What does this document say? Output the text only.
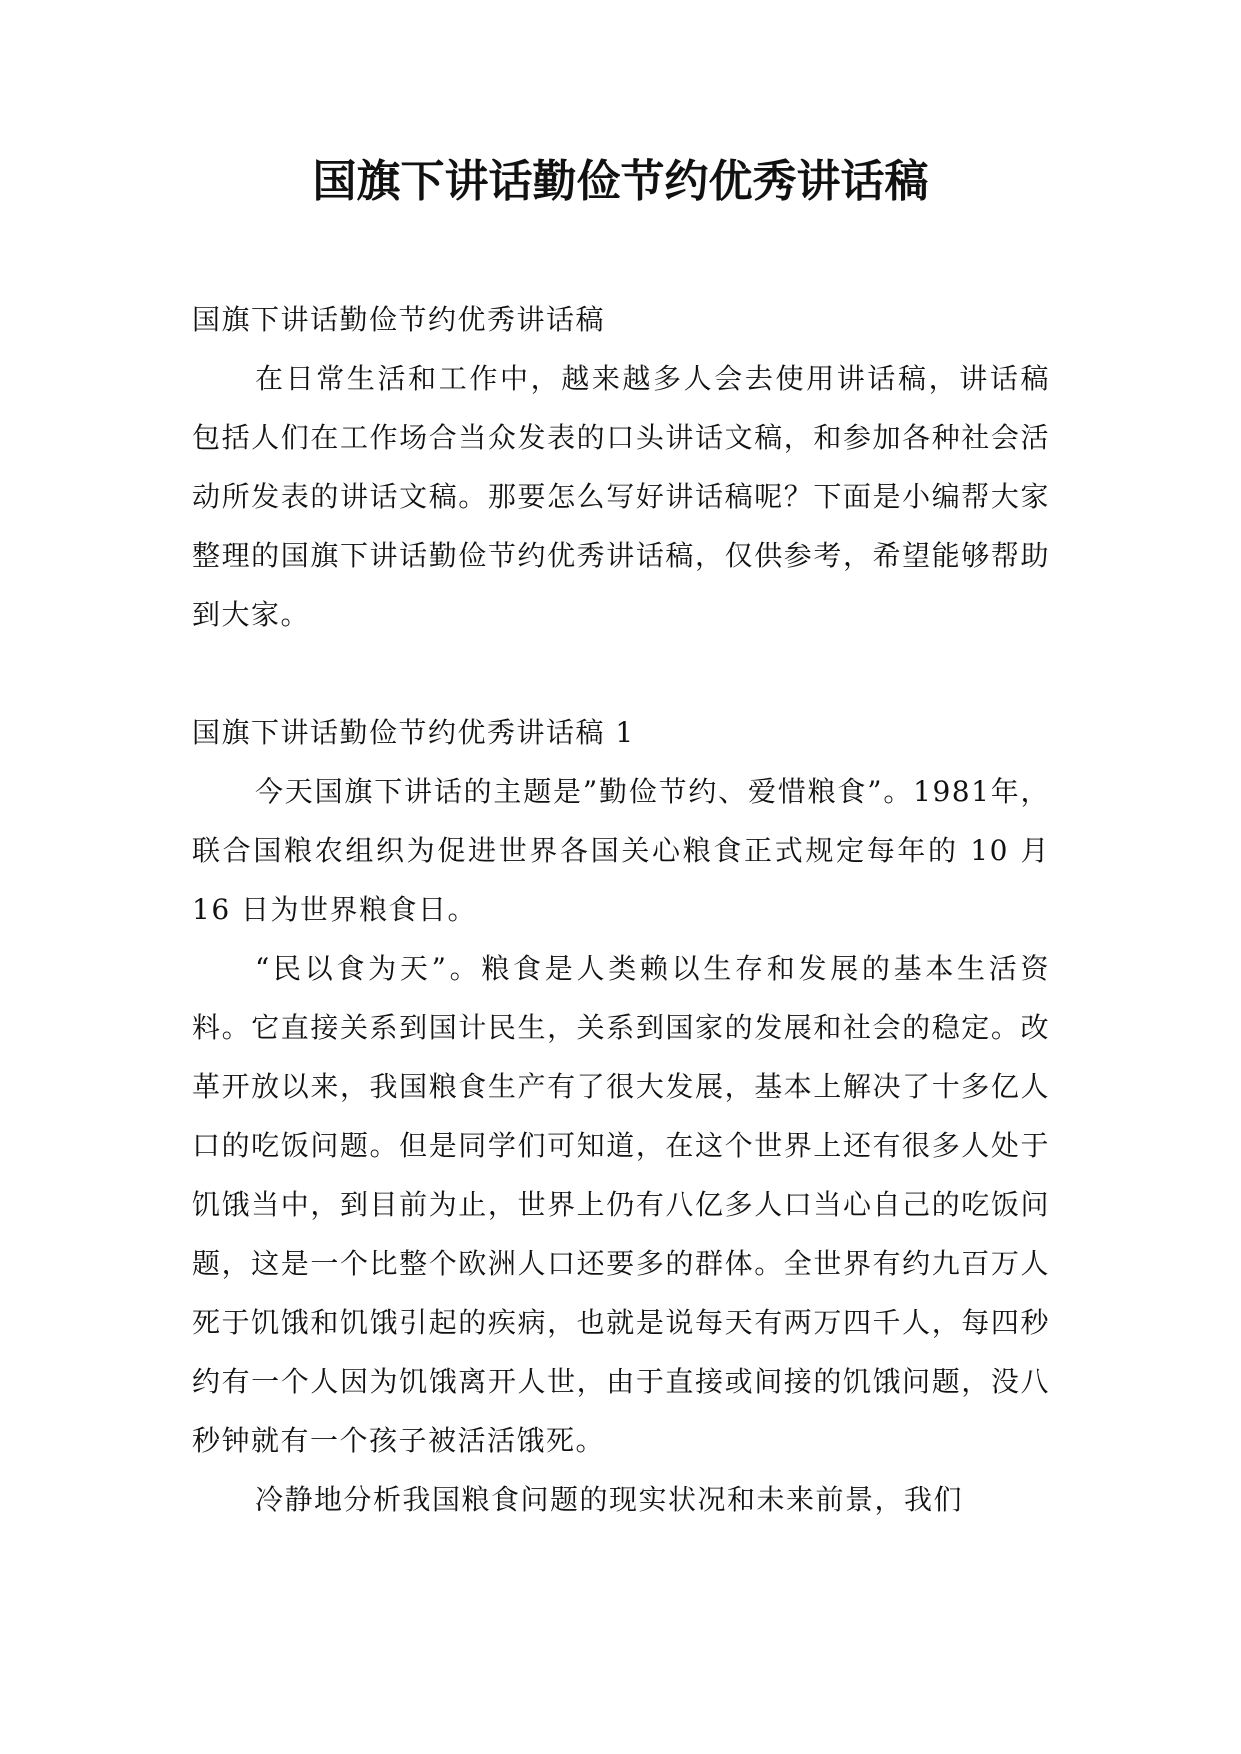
国旗下讲话勤俭节约优秀讲话稿

国旗下讲话勤俭节约优秀讲话稿

在日常生活和工作中，越来越多人会去使用讲话稿，讲话稿包括人们在工作场合当众发表的口头讲话文稿，和参加各种社会活动所发表的讲话文稿。那要怎么写好讲话稿呢？下面是小编帮大家整理的国旗下讲话勤俭节约优秀讲话稿，仅供参考，希望能够帮助到大家。

国旗下讲话勤俭节约优秀讲话稿 1

今天国旗下讲话的主题是”勤俭节约、爱惜粮食”。1981年，联合国粮农组织为促进世界各国关心粮食正式规定每年的 10 月 16 日为世界粮食日。

“民以食为天”。粮食是人类赖以生存和发展的基本生活资料。它直接关系到国计民生，关系到国家的发展和社会的稳定。改革开放以来，我国粮食生产有了很大发展，基本上解决了十多亿人口的吃饭问题。但是同学们可知道，在这个世界上还有很多人处于饥饿当中，到目前为止，世界上仍有八亿多人口当心自己的吃饭问题，这是一个比整个欧洲人口还要多的群体。全世界有约九百万人死于饥饿和饥饿引起的疾病，也就是说每天有两万四千人，每四秒约有一个人因为饥饿离开人世，由于直接或间接的饥饿问题，没八秒钟就有一个孩子被活活饿死。

冷静地分析我国粮食问题的现实状况和未来前景，我们
